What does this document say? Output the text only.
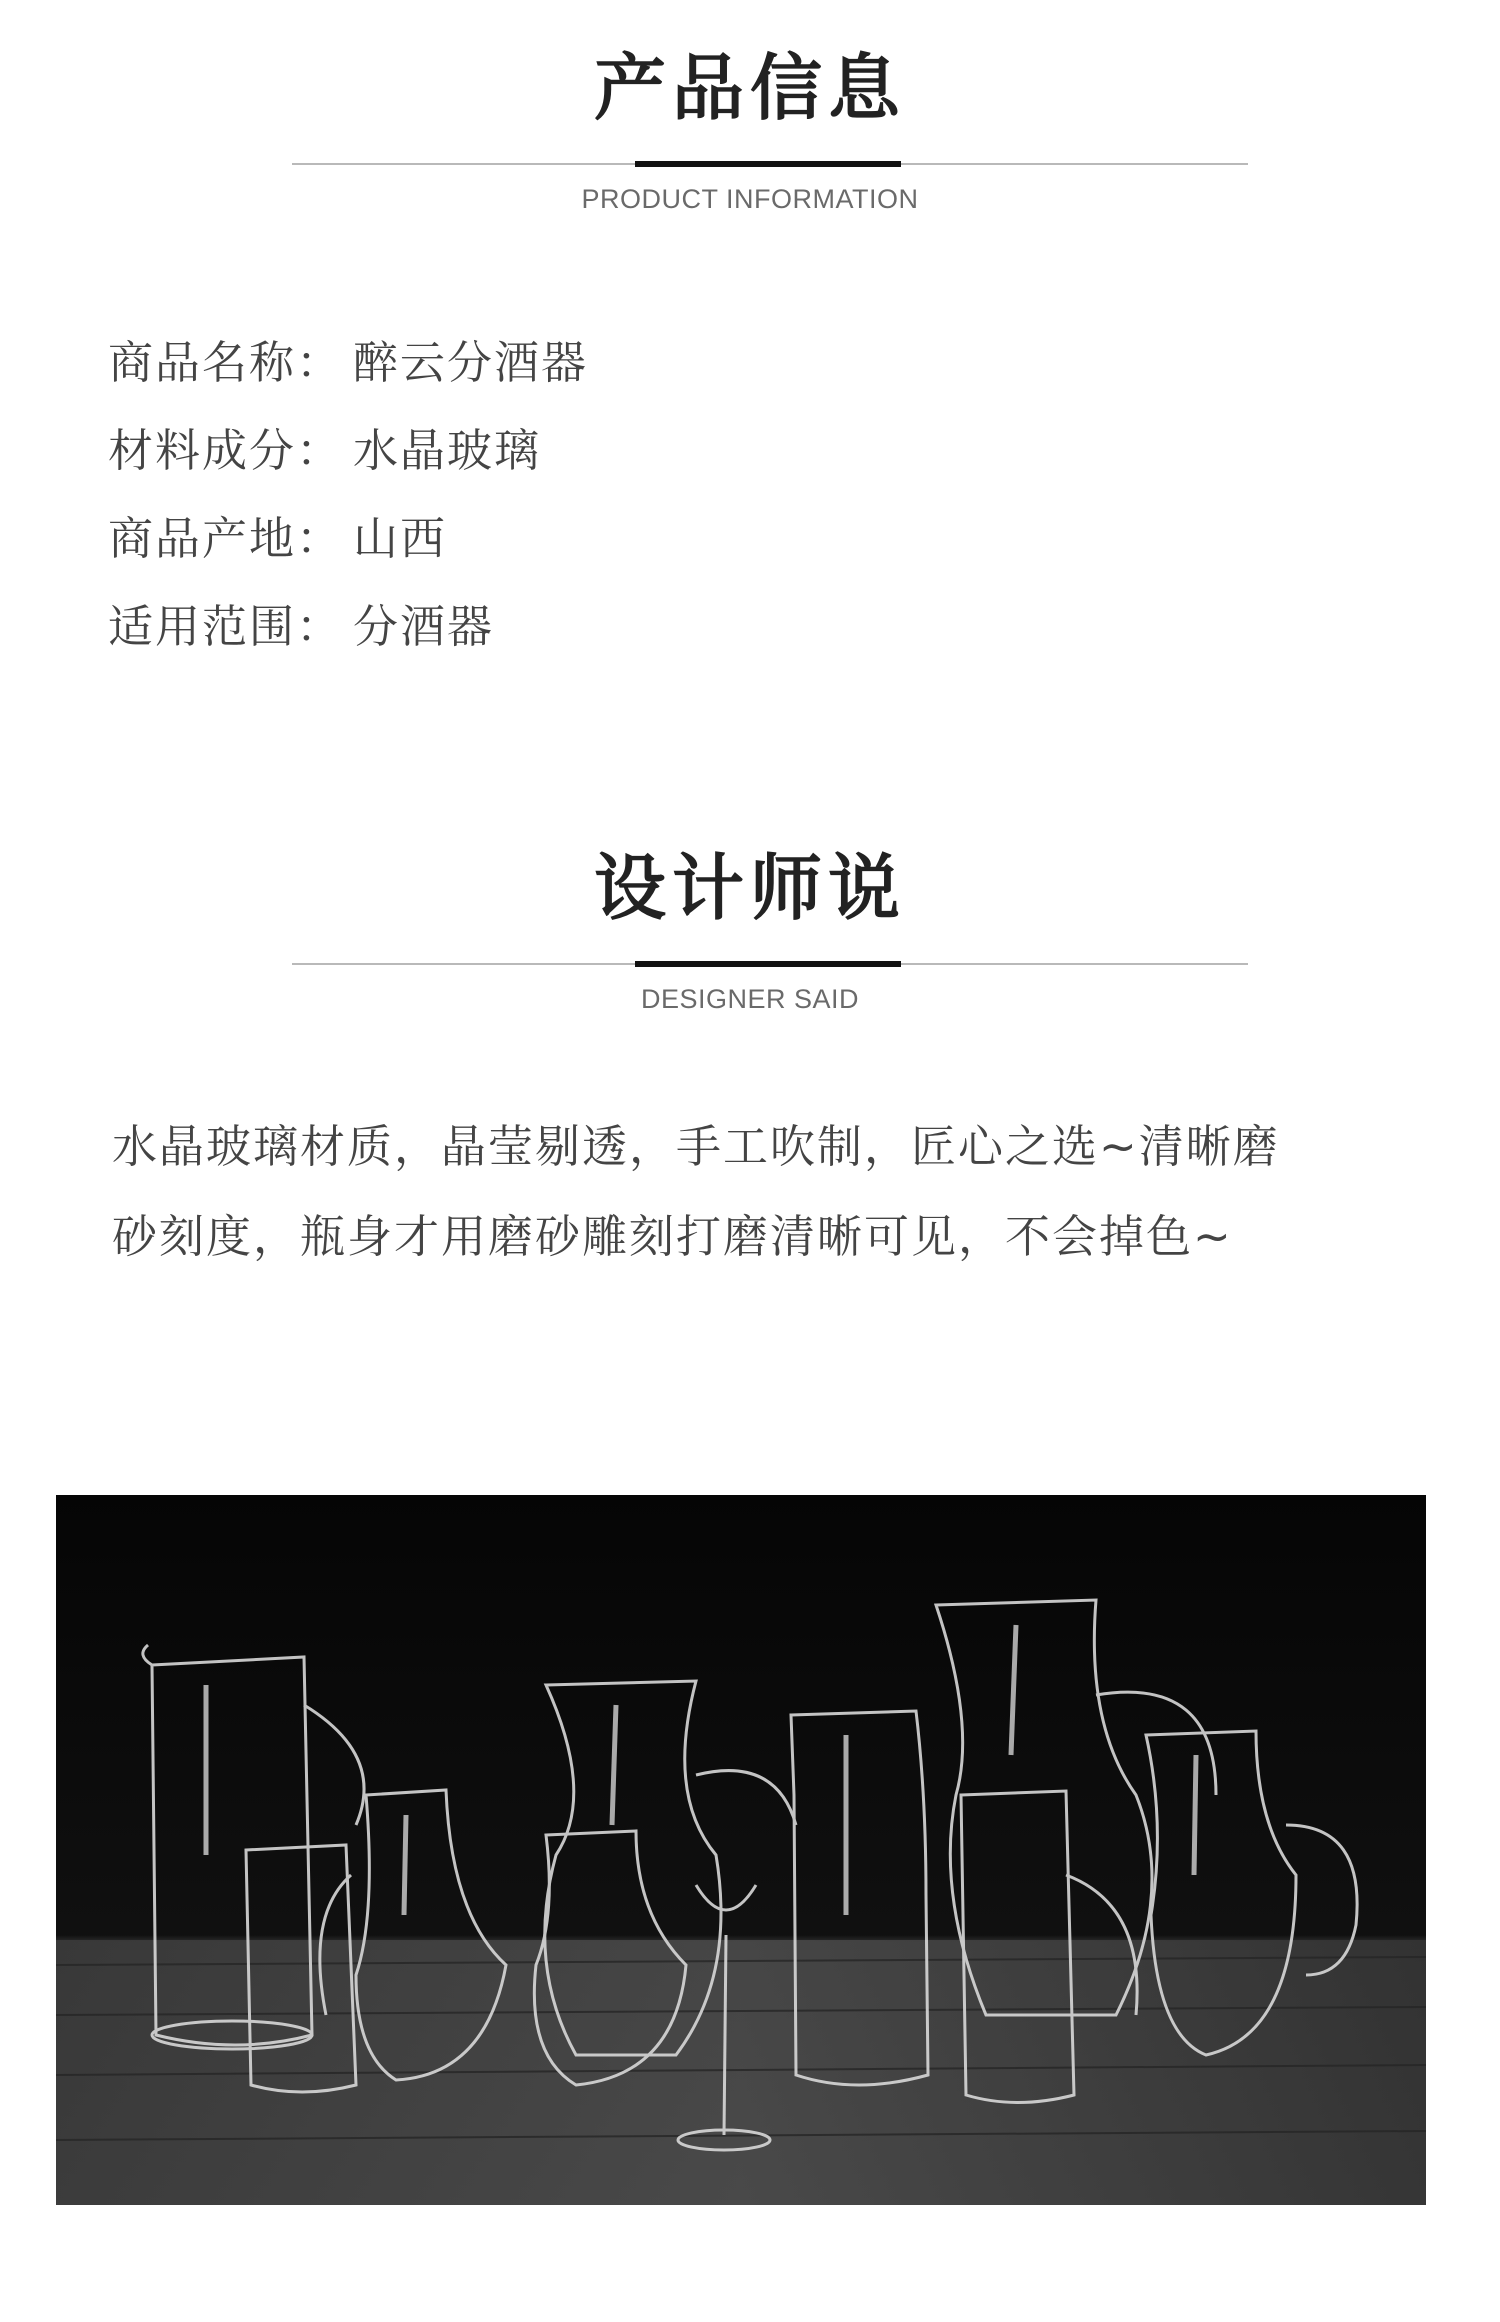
产品信息
PRODUCT INFORMATION
商品名称： 醉云分酒器
材料成分： 水晶玻璃
商品产地： 山西
适用范围： 分酒器
设计师说
DESIGNER SAID
水晶玻璃材质，晶莹剔透，手工吹制，匠心之选~清晰磨
砂刻度，瓶身才用磨砂雕刻打磨清晰可见，不会掉色~
